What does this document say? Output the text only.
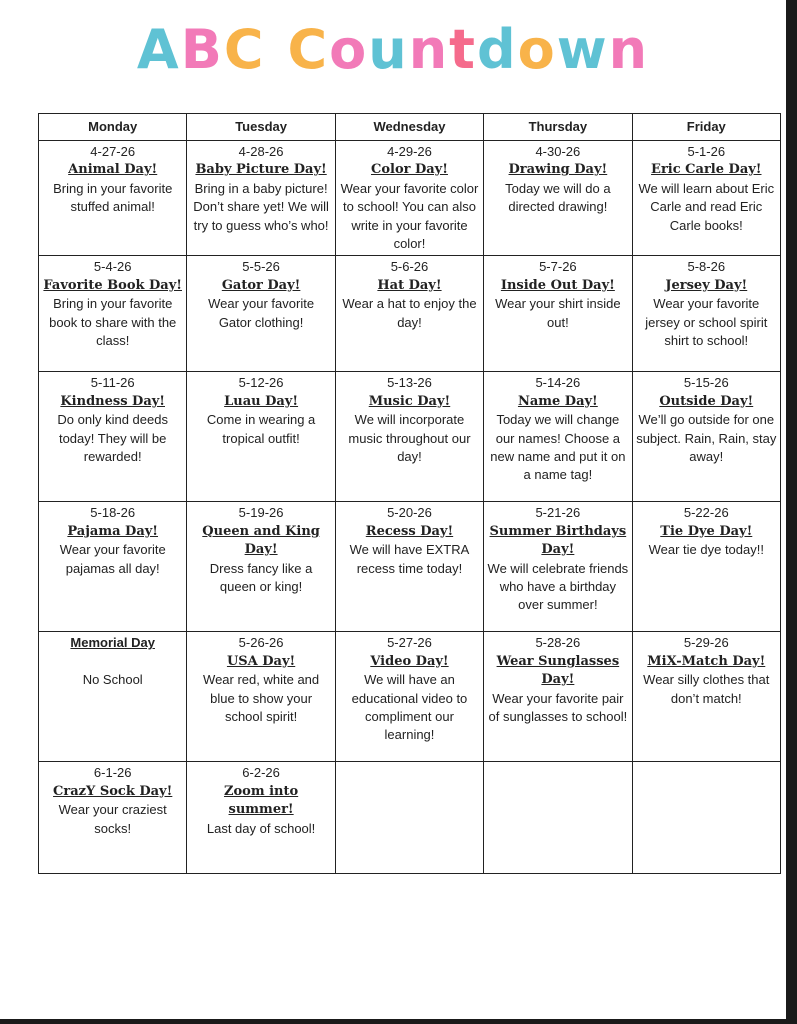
ABC Countdown
Monday	Tuesday	Wednesday	Thursday	Friday

4-27-26
Animal Day!
Bring in your favorite stuffed animal!	4-28-26
Baby Picture Day!
Bring in a baby picture! Don’t share yet! We will try to guess who’s who!	4-29-26
Color Day!
Wear your favorite color to school! You can also write in your favorite color!	4-30-26
Drawing Day!
Today we will do a directed drawing!	5-1-26
Eric Carle Day!
We will learn about Eric Carle and read Eric Carle books!

5-4-26
Favorite Book Day!
Bring in your favorite book to share with the class!	5-5-26
Gator Day!
Wear your favorite Gator clothing!	5-6-26
Hat Day!
Wear a hat to enjoy the day!	5-7-26
Inside Out Day!
Wear your shirt inside out!	5-8-26
Jersey Day!
Wear your favorite jersey or school spirit shirt to school!

5-11-26
Kindness Day!
Do only kind deeds today! They will be rewarded!	5-12-26
Luau Day!
Come in wearing a tropical outfit!	5-13-26
Music Day!
We will incorporate music throughout our day!	5-14-26
Name Day!
Today we will change our names! Choose a new name and put it on a name tag!	5-15-26
Outside Day!
We’ll go outside for one subject. Rain, Rain, stay away!

5-18-26
Pajama Day!
Wear your favorite pajamas all day!	5-19-26
Queen and King Day!
Dress fancy like a queen or king!	5-20-26
Recess Day!
We will have EXTRA recess time today!	5-21-26
Summer Birthdays Day!
We will celebrate friends who have a birthday over summer!	5-22-26
Tie Dye Day!
Wear tie dye today!!

Memorial Day
No School	5-26-26
USA Day!
Wear red, white and blue to show your school spirit!	5-27-26
Video Day!
We will have an educational video to compliment our learning!	5-28-26
Wear Sunglasses Day!
Wear your favorite pair of sunglasses to school!	5-29-26
MiX-Match Day!
Wear silly clothes that don’t match!

6-1-26
CrazY Sock Day!
Wear your craziest socks!	6-2-26
Zoom into summer!
Last day of school!			
